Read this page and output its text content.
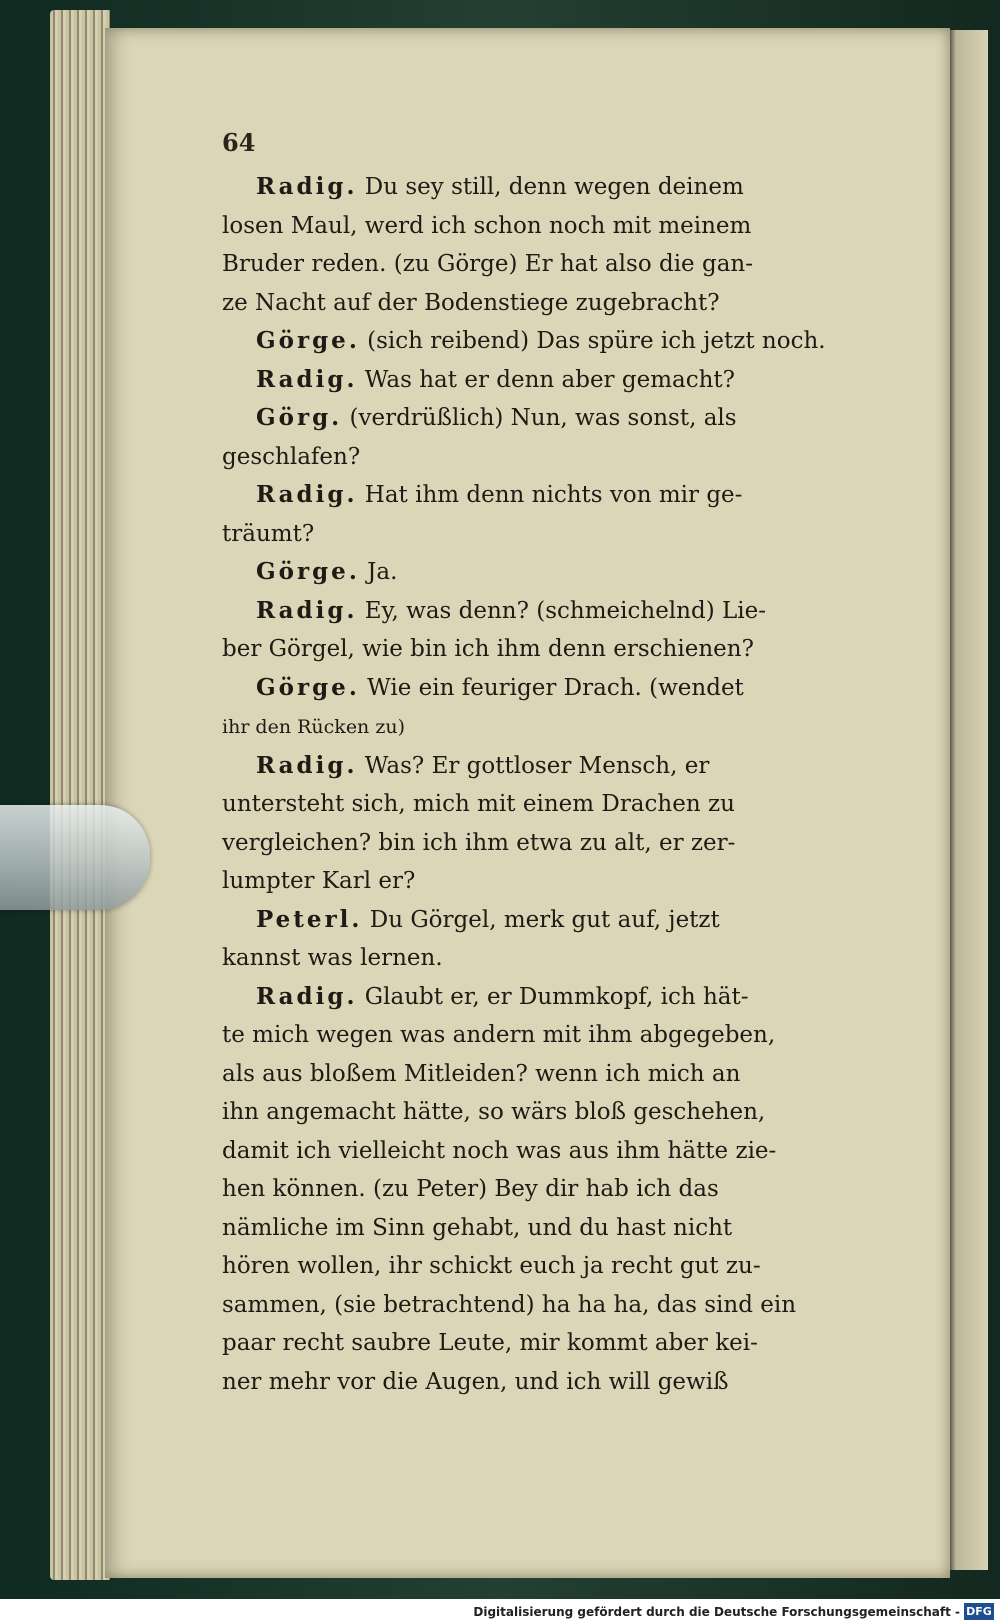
64
Radig. Du sey still, denn wegen deinem
losen Maul, werd ich schon noch mit meinem
Bruder reden. (zu Görge) Er hat also die gan-
ze Nacht auf der Bodenstiege zugebracht?
Görge. (sich reibend) Das spüre ich jetzt noch.
Radig. Was hat er denn aber gemacht?
Görg. (verdrüßlich) Nun, was sonst, als
geschlafen?
Radig. Hat ihm denn nichts von mir ge-
träumt?
Görge. Ja.
Radig. Ey, was denn? (schmeichelnd) Lie-
ber Görgel, wie bin ich ihm denn erschienen?
Görge. Wie ein feuriger Drach. (wendet
ihr den Rücken zu)
Radig. Was? Er gottloser Mensch, er
untersteht sich, mich mit einem Drachen zu
vergleichen? bin ich ihm etwa zu alt, er zer-
lumpter Karl er?
Peterl. Du Görgel, merk gut auf, jetzt
kannst was lernen.
Radig. Glaubt er, er Dummkopf, ich hät-
te mich wegen was andern mit ihm abgegeben,
als aus bloßem Mitleiden? wenn ich mich an
ihn angemacht hätte, so wärs bloß geschehen,
damit ich vielleicht noch was aus ihm hätte zie-
hen können. (zu Peter) Bey dir hab ich das
nämliche im Sinn gehabt, und du hast nicht
hören wollen, ihr schickt euch ja recht gut zu-
sammen, (sie betrachtend) ha ha ha, das sind ein
paar recht saubre Leute, mir kommt aber kei-
ner mehr vor die Augen, und ich will gewiß
Digitalisierung gefördert durch die Deutsche Forschungsgemeinschaft - DFG
